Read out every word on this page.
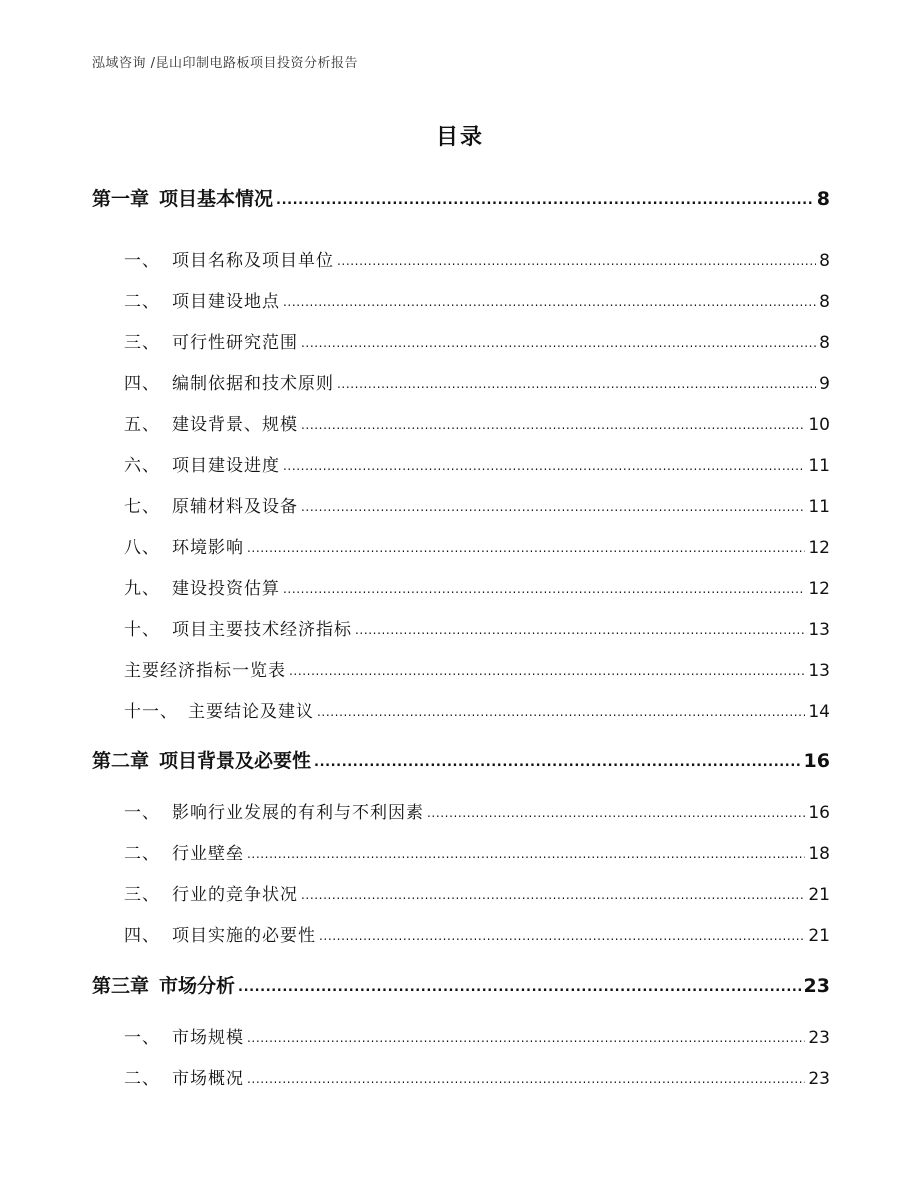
泓域咨询 /昆山印制电路板项目投资分析报告
目录
第一章 项目基本情况 .....	8
一、 项目名称及项目单位 .....	8
二、 项目建设地点 .....	8
三、 可行性研究范围 .....	8
四、 编制依据和技术原则 .....	9
五、 建设背景、规模 .....	10
六、 项目建设进度 .....	11
七、 原辅材料及设备 .....	11
八、 环境影响 .....	12
九、 建设投资估算 .....	12
十、 项目主要技术经济指标 .....	13
主要经济指标一览表 .....	13
十一、 主要结论及建议 .....	14
第二章 项目背景及必要性 .....	16
一、 影响行业发展的有利与不利因素 .....	16
二、 行业壁垒 .....	18
三、 行业的竞争状况 .....	21
四、 项目实施的必要性 .....	21
第三章 市场分析 .....	23
一、 市场规模 .....	23
二、 市场概况 .....	23
